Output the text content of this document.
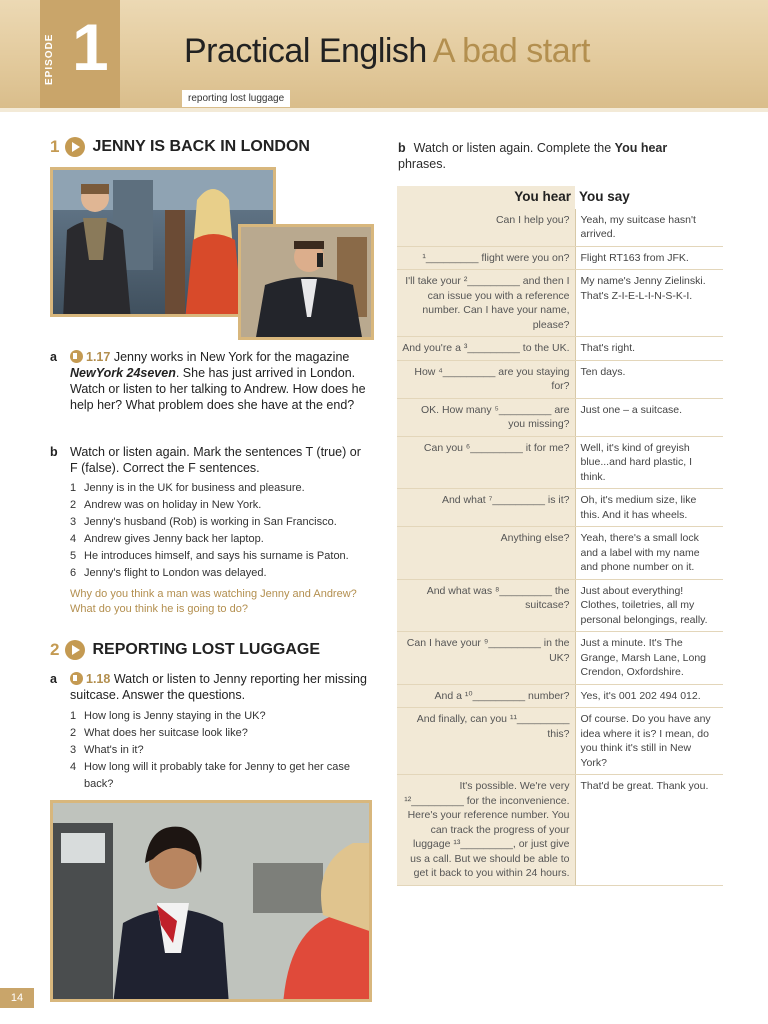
EPISODE 1 Practical English A bad start
reporting lost luggage
1 JENNY IS BACK IN LONDON
a 1.17 Jenny works in New York for the magazine NewYork 24seven. She has just arrived in London. Watch or listen to her talking to Andrew. How does he help her? What problem does she have at the end?
b Watch or listen again. Mark the sentences T (true) or F (false). Correct the F sentences.
1 Jenny is in the UK for business and pleasure.
2 Andrew was on holiday in New York.
3 Jenny's husband (Rob) is working in San Francisco.
4 Andrew gives Jenny back her laptop.
5 He introduces himself, and says his surname is Paton.
6 Jenny's flight to London was delayed.
Why do you think a man was watching Jenny and Andrew? What do you think he is going to do?
2 REPORTING LOST LUGGAGE
a 1.18 Watch or listen to Jenny reporting her missing suitcase. Answer the questions.
1 How long is Jenny staying in the UK?
2 What does her suitcase look like?
3 What's in it?
4 How long will it probably take for Jenny to get her case back?
b Watch or listen again. Complete the You hear phrases.
You hear	You say
Can I help you?	Yeah, my suitcase hasn't arrived.
¹_________ flight were you on?	Flight RT163 from JFK.
I'll take your ²_________ and then I can issue you with a reference number. Can I have your name, please?	My name's Jenny Zielinski. That's Z-I-E-L-I-N-S-K-I.
And you're a ³_________ to the UK.	That's right.
How ⁴_________ are you staying for?	Ten days.
OK. How many ⁵_________ are you missing?	Just one – a suitcase.
Can you ⁶_________ it for me?	Well, it's kind of greyish blue...and hard plastic, I think.
And what ⁷_________ is it?	Oh, it's medium size, like this. And it has wheels.
Anything else?	Yeah, there's a small lock and a label with my name and phone number on it.
And what was ⁸_________ the suitcase?	Just about everything! Clothes, toiletries, all my personal belongings, really.
Can I have your ⁹_________ in the UK?	Just a minute. It's The Grange, Marsh Lane, Long Crendon, Oxfordshire.
And a ¹⁰_________ number?	Yes, it's 001 202 494 012.
And finally, can you ¹¹_________ this?	Of course. Do you have any idea where it is? I mean, do you think it's still in New York?
It's possible. We're very ¹²_________ for the inconvenience. Here's your reference number. You can track the progress of your luggage ¹³_________, or just give us a call. But we should be able to get it back to you within 24 hours.	That'd be great. Thank you.
14
